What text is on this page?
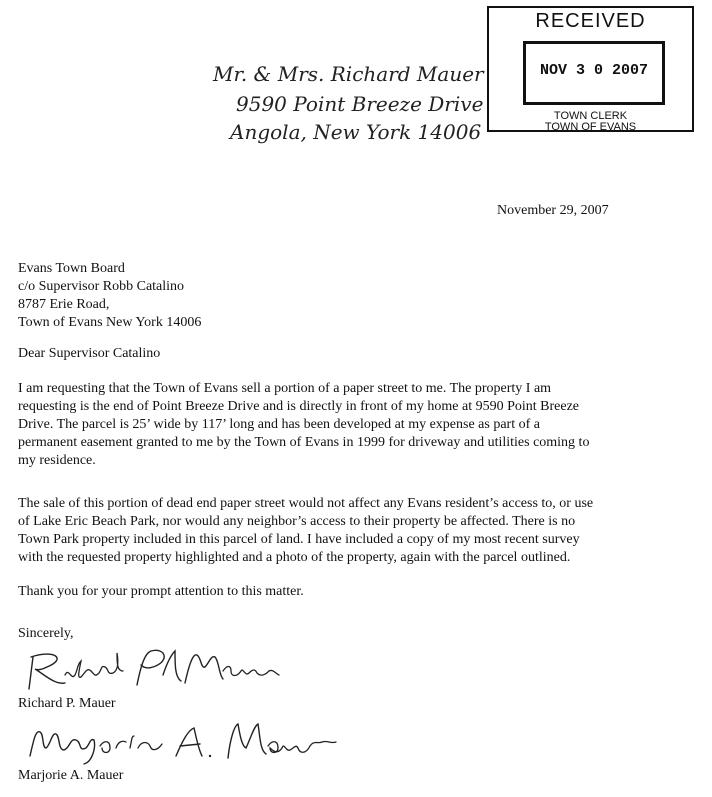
Mr. & Mrs. Richard Mauer
9590 Point Breeze Drive
Angola, New York 14006
RECEIVED
NOV 3 0 2007
TOWN CLERK
TOWN OF EVANS
November 29, 2007
Evans Town Board
c/o Supervisor Robb Catalino
8787 Erie Road,
Town of Evans New York 14006
Dear Supervisor Catalino
I am requesting that the Town of Evans sell a portion of a paper street to me. The property I am
requesting is the end of Point Breeze Drive and is directly in front of my home at 9590 Point Breeze
Drive. The parcel is 25’ wide by 117’ long and has been developed at my expense as part of a
permanent easement granted to me by the Town of Evans in 1999 for driveway and utilities coming to
my residence.
The sale of this portion of dead end paper street would not affect any Evans resident’s access to, or use
of Lake Eric Beach Park, nor would any neighbor’s access to their property be affected. There is no
Town Park property included in this parcel of land. I have included a copy of my most recent survey
with the requested property highlighted and a photo of the property, again with the parcel outlined.
Thank you for your prompt attention to this matter.
Sincerely,
Richard P. Mauer
Marjorie A. Mauer
